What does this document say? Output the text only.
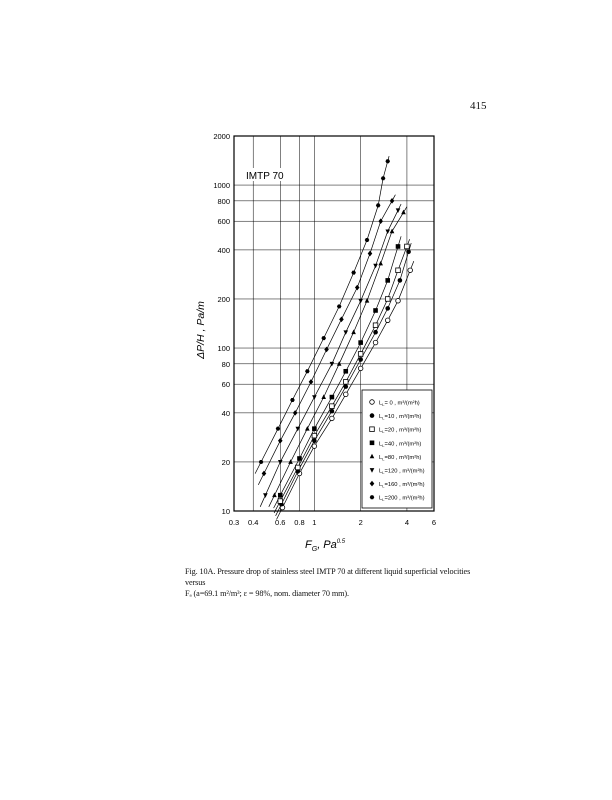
415
10
20
40
60
80
100
200
400
600
800
1000
2000
0.3 0.4 0.6 0.8 1	2	4	6
IMTP 70
$L_L= 0$ , m³/(m²h)
$L_L=10$ , m³/(m²h)
$L_L=20$ , m³/(m²h)
$L_L=40$ , m³/(m²h)
$L_L=80$ , m³/(m²h)
$L_L=120$ , m³/(m²h)
$L_L=160$ , m³/(m²h)
$L_L=200$ , m³/(m²h)
$F_G$, $Pa^{0.5}$
ΔP/H , Pa/m
Fig. 10A. Pressure drop of stainless steel IMTP 70 at different liquid superficial velocities versus
Fₐ (a=69.1 m²/m³; ε = 98%, nom. diameter 70 mm).
